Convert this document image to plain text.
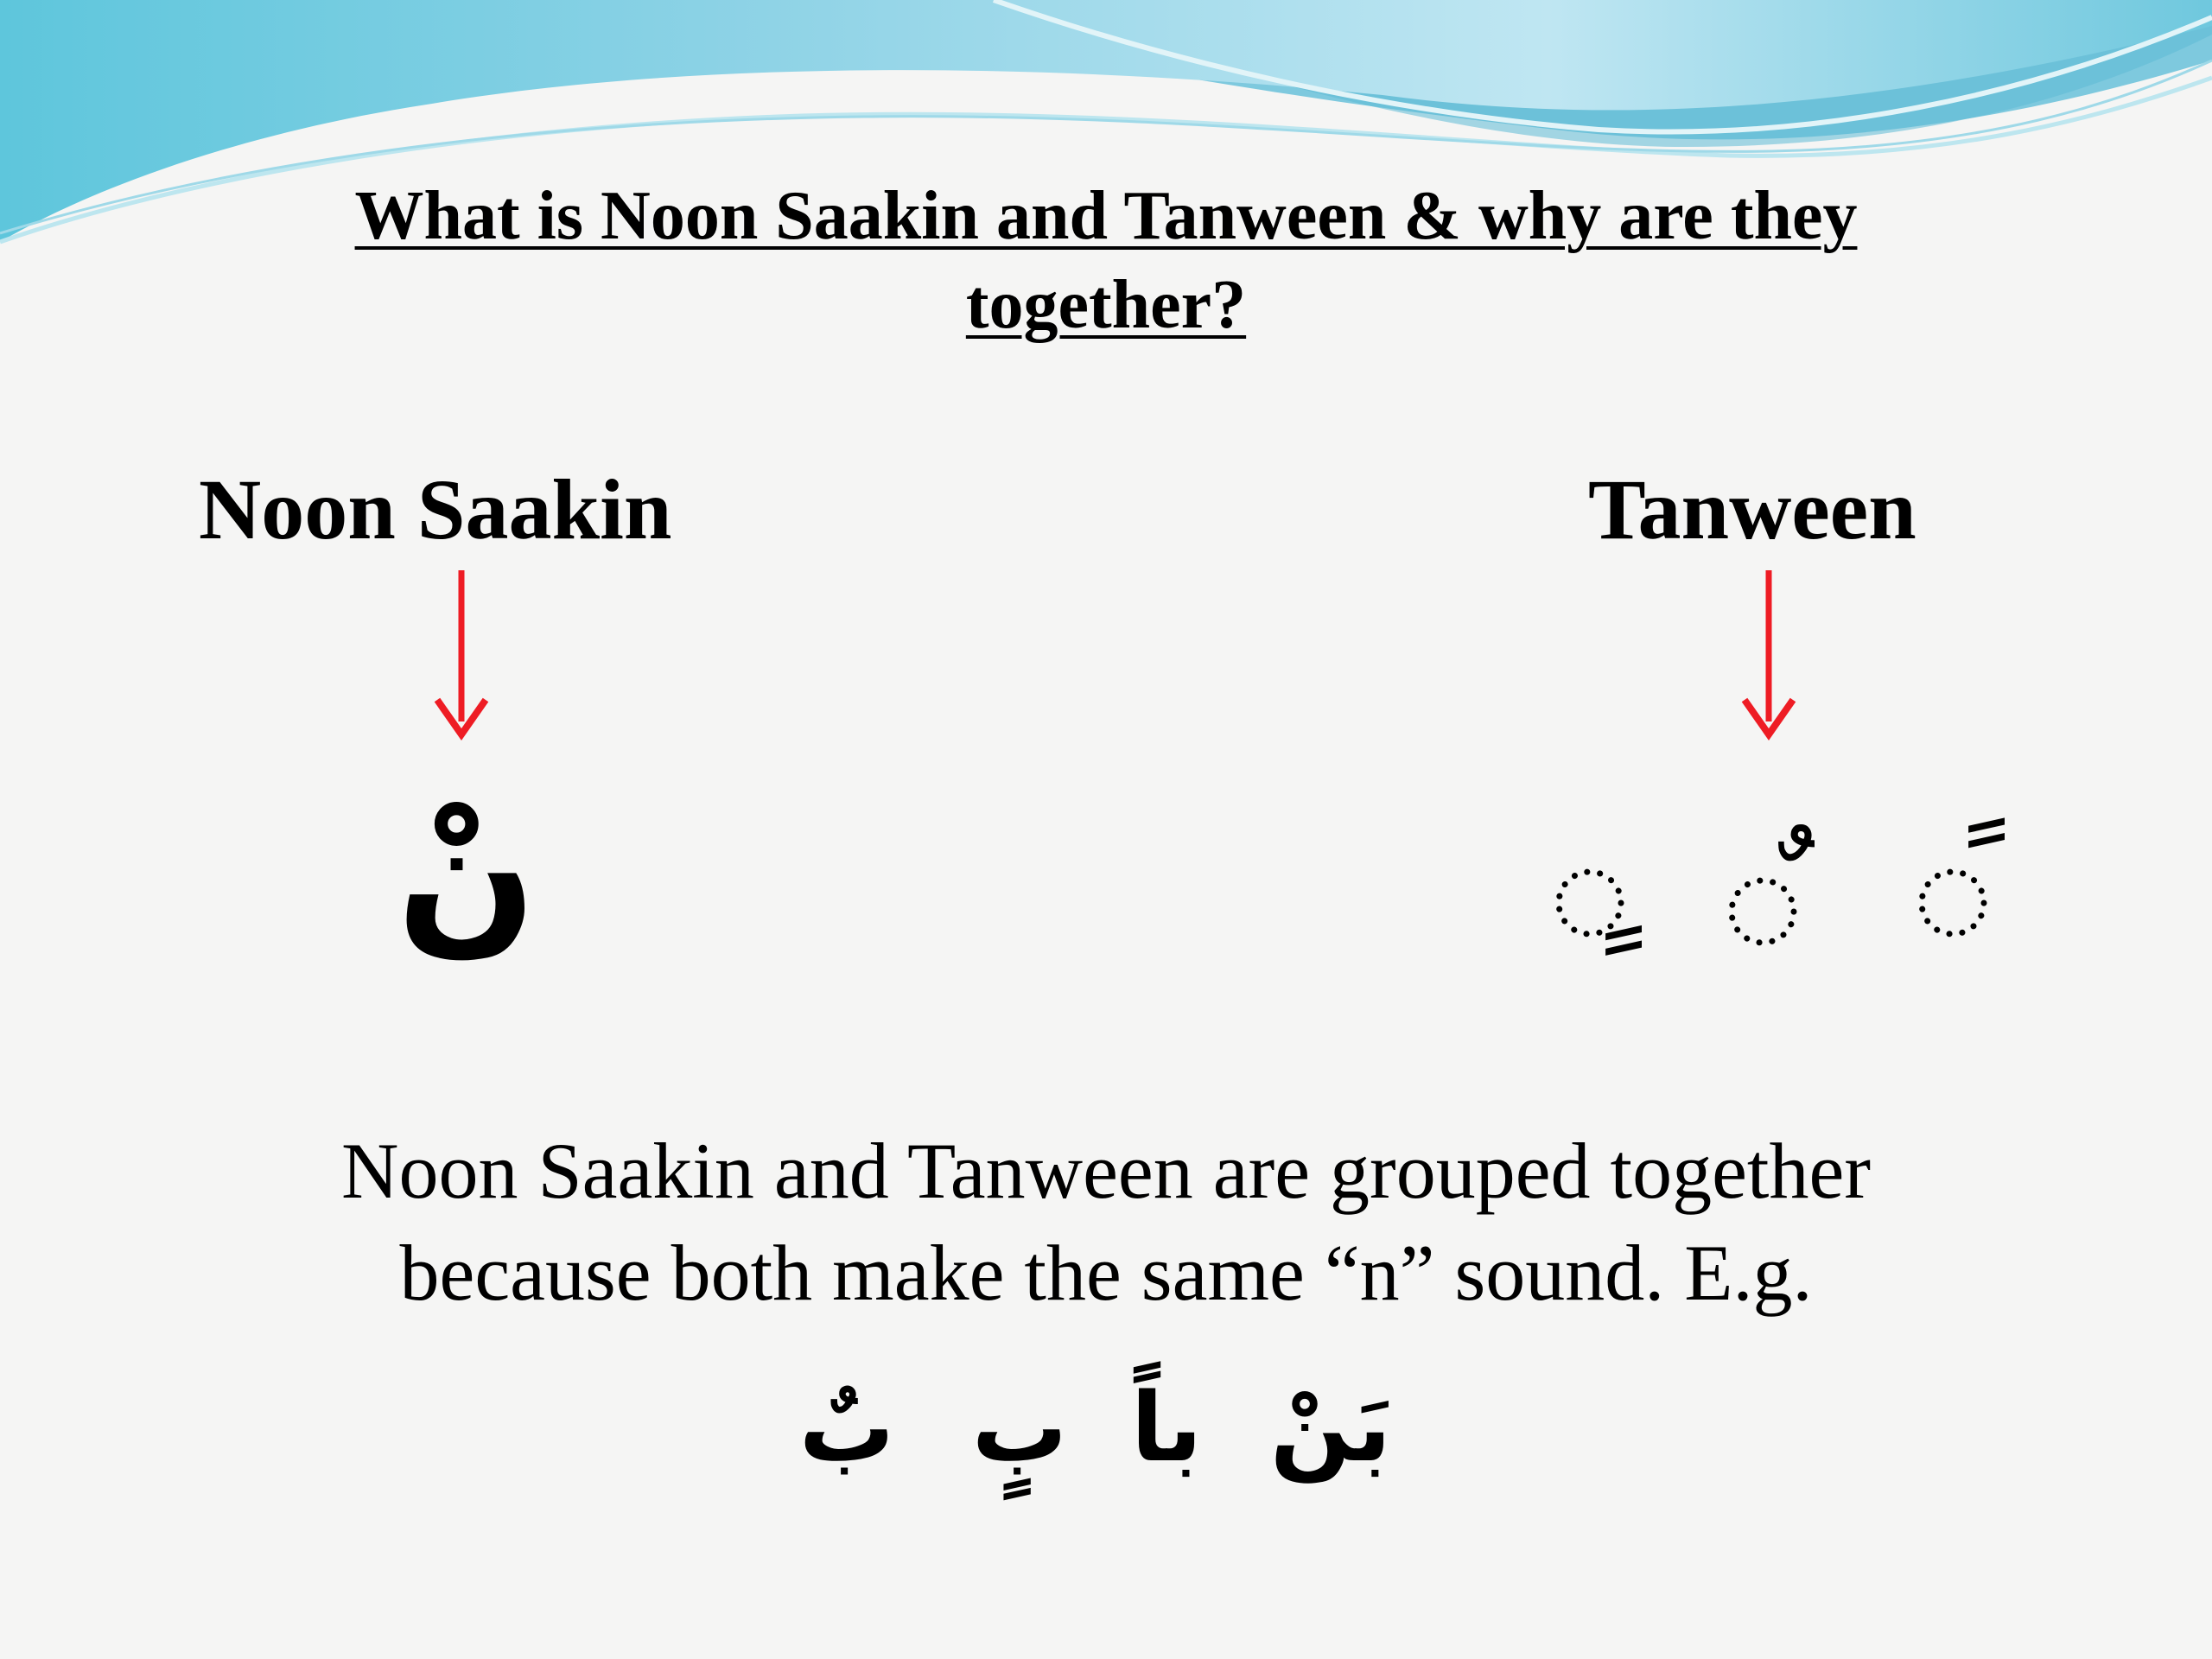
What is Noon Saakin and Tanween & why are they

together?

Noon Saakin	Tanween
نْ

Noon Saakin and Tanween are grouped together

because both make the same “n” sound. E.g.

بَنْ
باً
بٍ
بٌ
